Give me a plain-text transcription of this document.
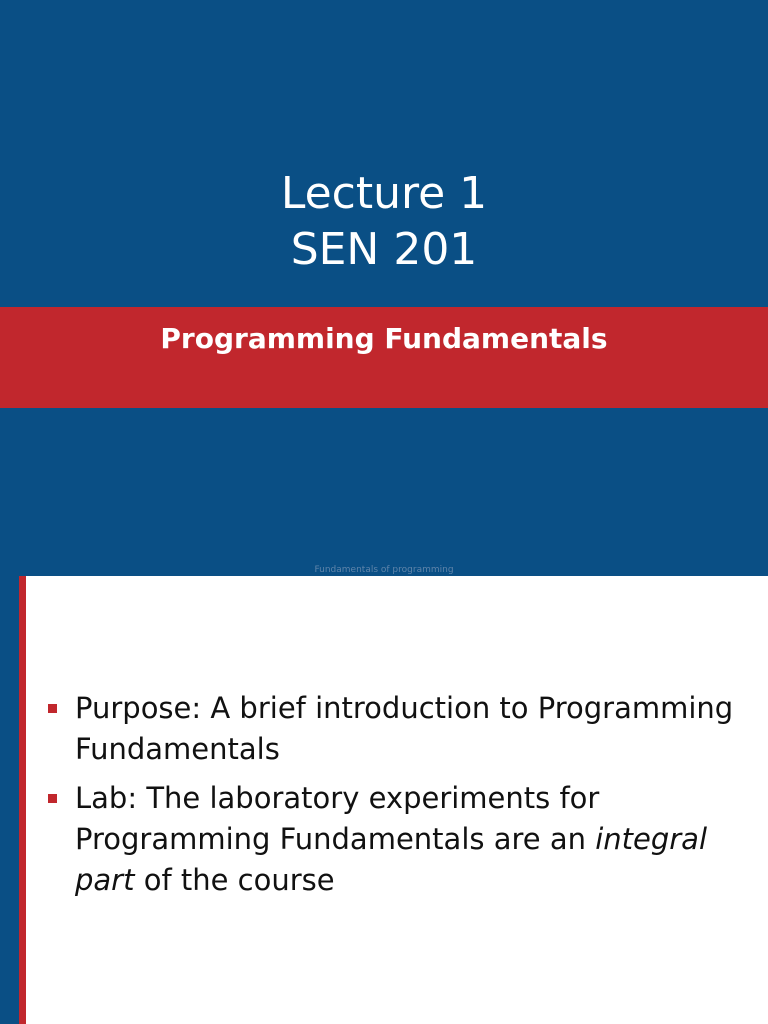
Lecture 1
SEN 201
Programming Fundamentals
Fundamentals of programming
Purpose: A brief introduction to Programming Fundamentals
Lab: The laboratory experiments for Programming Fundamentals are an integral part of the course
